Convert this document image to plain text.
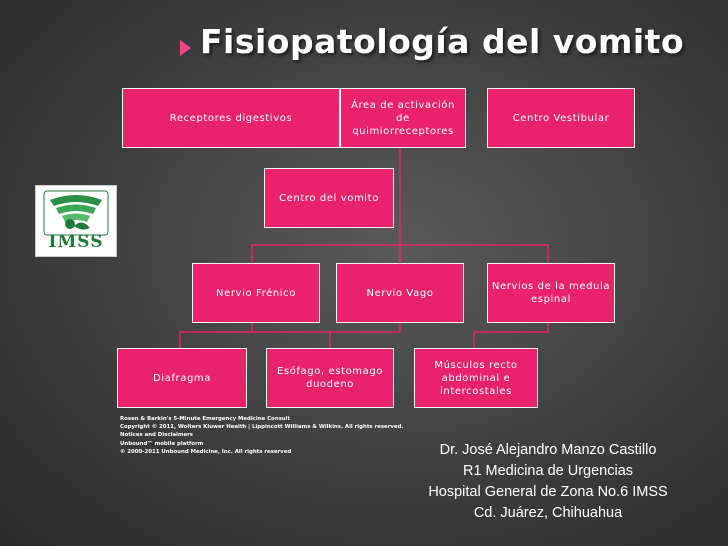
Fisiopatología del vomito
Receptores digestivos
Área de activación de quimiorreceptores
Centro Vestibular
Centro del vomito
Nervio Frénico	Nervio Vago
Nervios de la medula espinal
Diafragma
Esófago, estomago duodeno
Músculos recto abdominal e intercostales
IMSS
Rosen & Barkin's 5-Minute Emergency Medicine Consult
Copyright © 2011, Wolters Kluwer Health | Lippincott Williams & Wilkins. All rights reserved.
Notices and Disclaimers
Unbound™ mobile platform
© 2000-2011 Unbound Medicine, Inc. All rights reserved	Dr. José Alejandro Manzo Castillo
R1 Medicina de Urgencias
Hospital General de Zona No.6 IMSS
Cd. Juárez, Chihuahua
